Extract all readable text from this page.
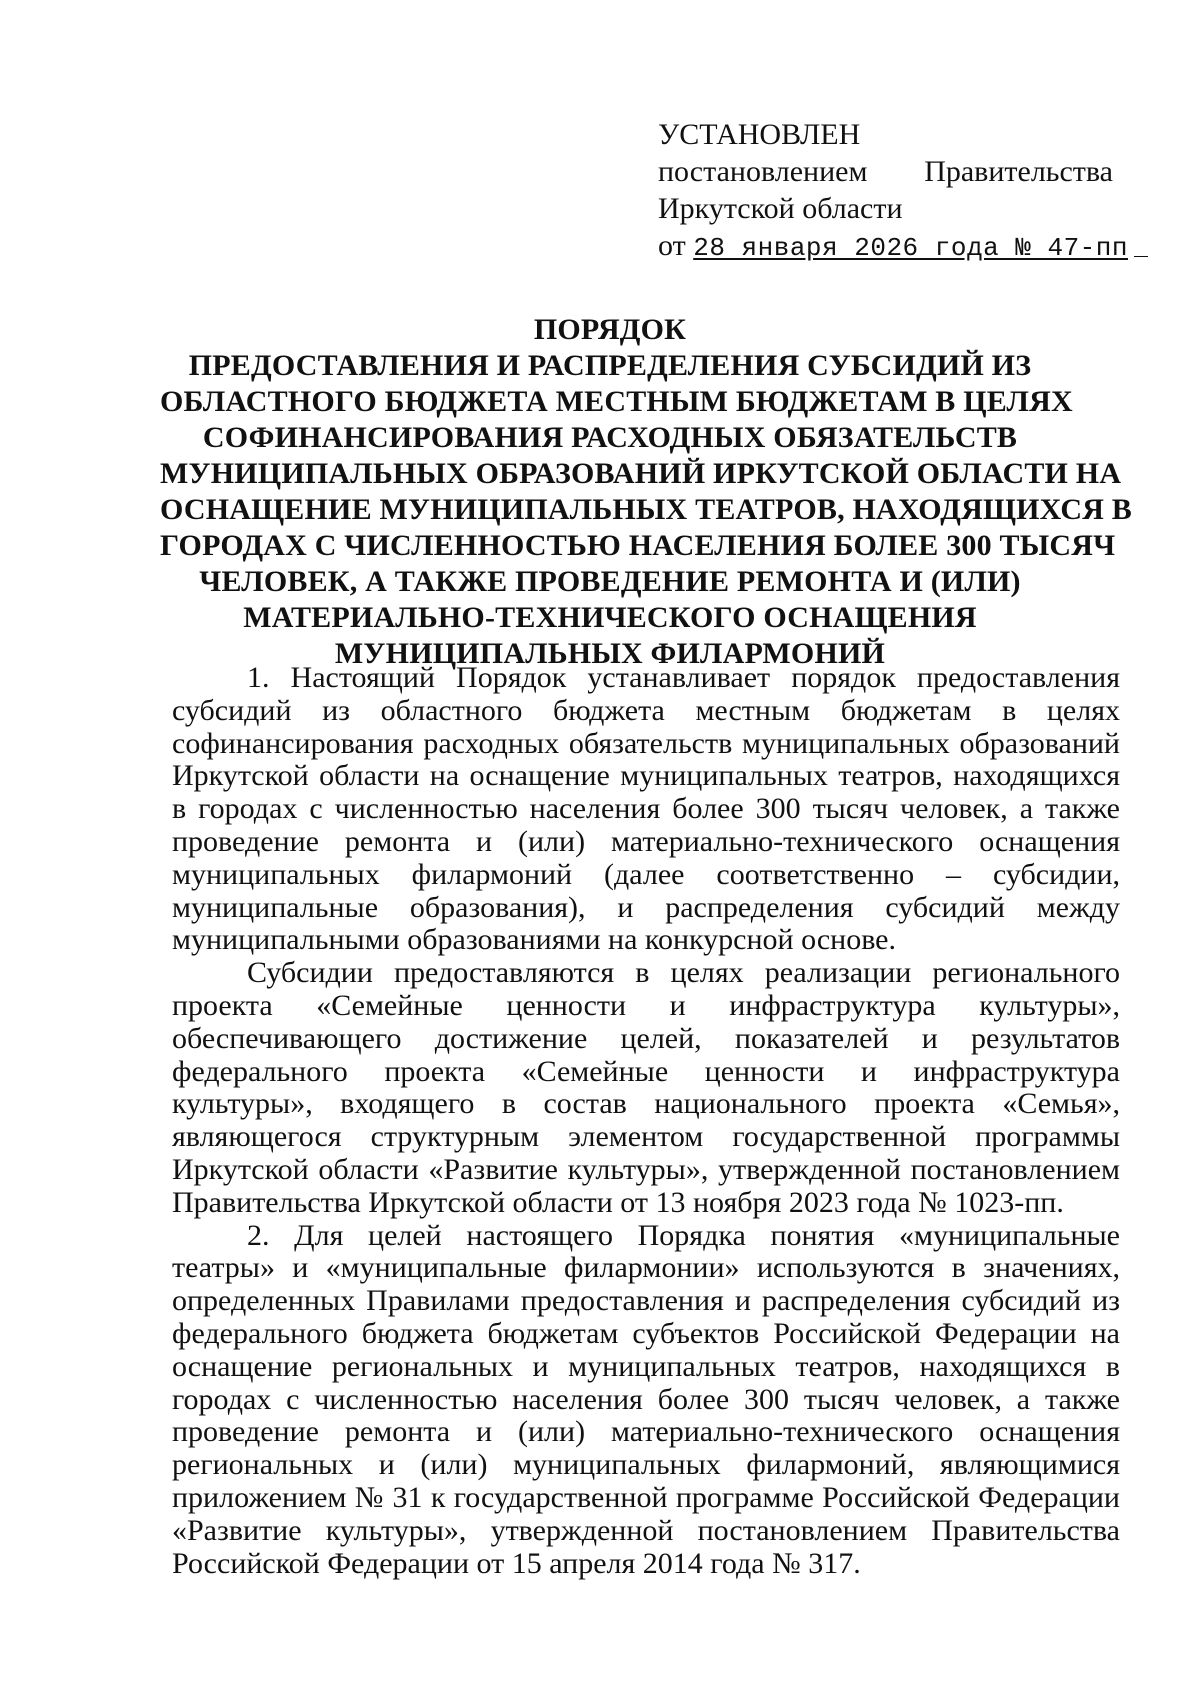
УСТАНОВЛЕН
постановлением Правительства
Иркутской области
от 28 января 2026 года № 47-пп
ПОРЯДОК
ПРЕДОСТАВЛЕНИЯ И РАСПРЕДЕЛЕНИЯ СУБСИДИЙ ИЗ
ОБЛАСТНОГО БЮДЖЕТА МЕСТНЫМ БЮДЖЕТАМ В ЦЕЛЯХ
СОФИНАНСИРОВАНИЯ РАСХОДНЫХ ОБЯЗАТЕЛЬСТВ
МУНИЦИПАЛЬНЫХ ОБРАЗОВАНИЙ ИРКУТСКОЙ ОБЛАСТИ НА
ОСНАЩЕНИЕ МУНИЦИПАЛЬНЫХ ТЕАТРОВ, НАХОДЯЩИХСЯ В
ГОРОДАХ С ЧИСЛЕННОСТЬЮ НАСЕЛЕНИЯ БОЛЕЕ 300 ТЫСЯЧ
ЧЕЛОВЕК, А ТАКЖЕ ПРОВЕДЕНИЕ РЕМОНТА И (ИЛИ)
МАТЕРИАЛЬНО-ТЕХНИЧЕСКОГО ОСНАЩЕНИЯ
МУНИЦИПАЛЬНЫХ ФИЛАРМОНИЙ

1. Настоящий Порядок устанавливает порядок предоставления субсидий из областного бюджета местным бюджетам в целях софинансирования расходных обязательств муниципальных образований Иркутской области на оснащение муниципальных театров, находящихся в городах с численностью населения более 300 тысяч человек, а также проведение ремонта и (или) материально-технического оснащения муниципальных филармоний (далее соответственно – субсидии, муниципальные образования), и распределения субсидий между муниципальными образованиями на конкурсной основе.

Субсидии предоставляются в целях реализации регионального проекта «Семейные ценности и инфраструктура культуры», обеспечивающего достижение целей, показателей и результатов федерального проекта «Семейные ценности и инфраструктура культуры», входящего в состав национального проекта «Семья», являющегося структурным элементом государственной программы Иркутской области «Развитие культуры», утвержденной постановлением Правительства Иркутской области от 13 ноября 2023 года № 1023-пп.

2. Для целей настоящего Порядка понятия «муниципальные театры» и «муниципальные филармонии» используются в значениях, определенных Правилами предоставления и распределения субсидий из федерального бюджета бюджетам субъектов Российской Федерации на оснащение региональных и муниципальных театров, находящихся в городах с численностью населения более 300 тысяч человек, а также проведение ремонта и (или) материально-технического оснащения региональных и (или) муниципальных филармоний, являющимися приложением № 31 к государственной программе Российской Федерации «Развитие культуры», утвержденной постановлением Правительства Российской Федерации от 15 апреля 2014 года № 317.
